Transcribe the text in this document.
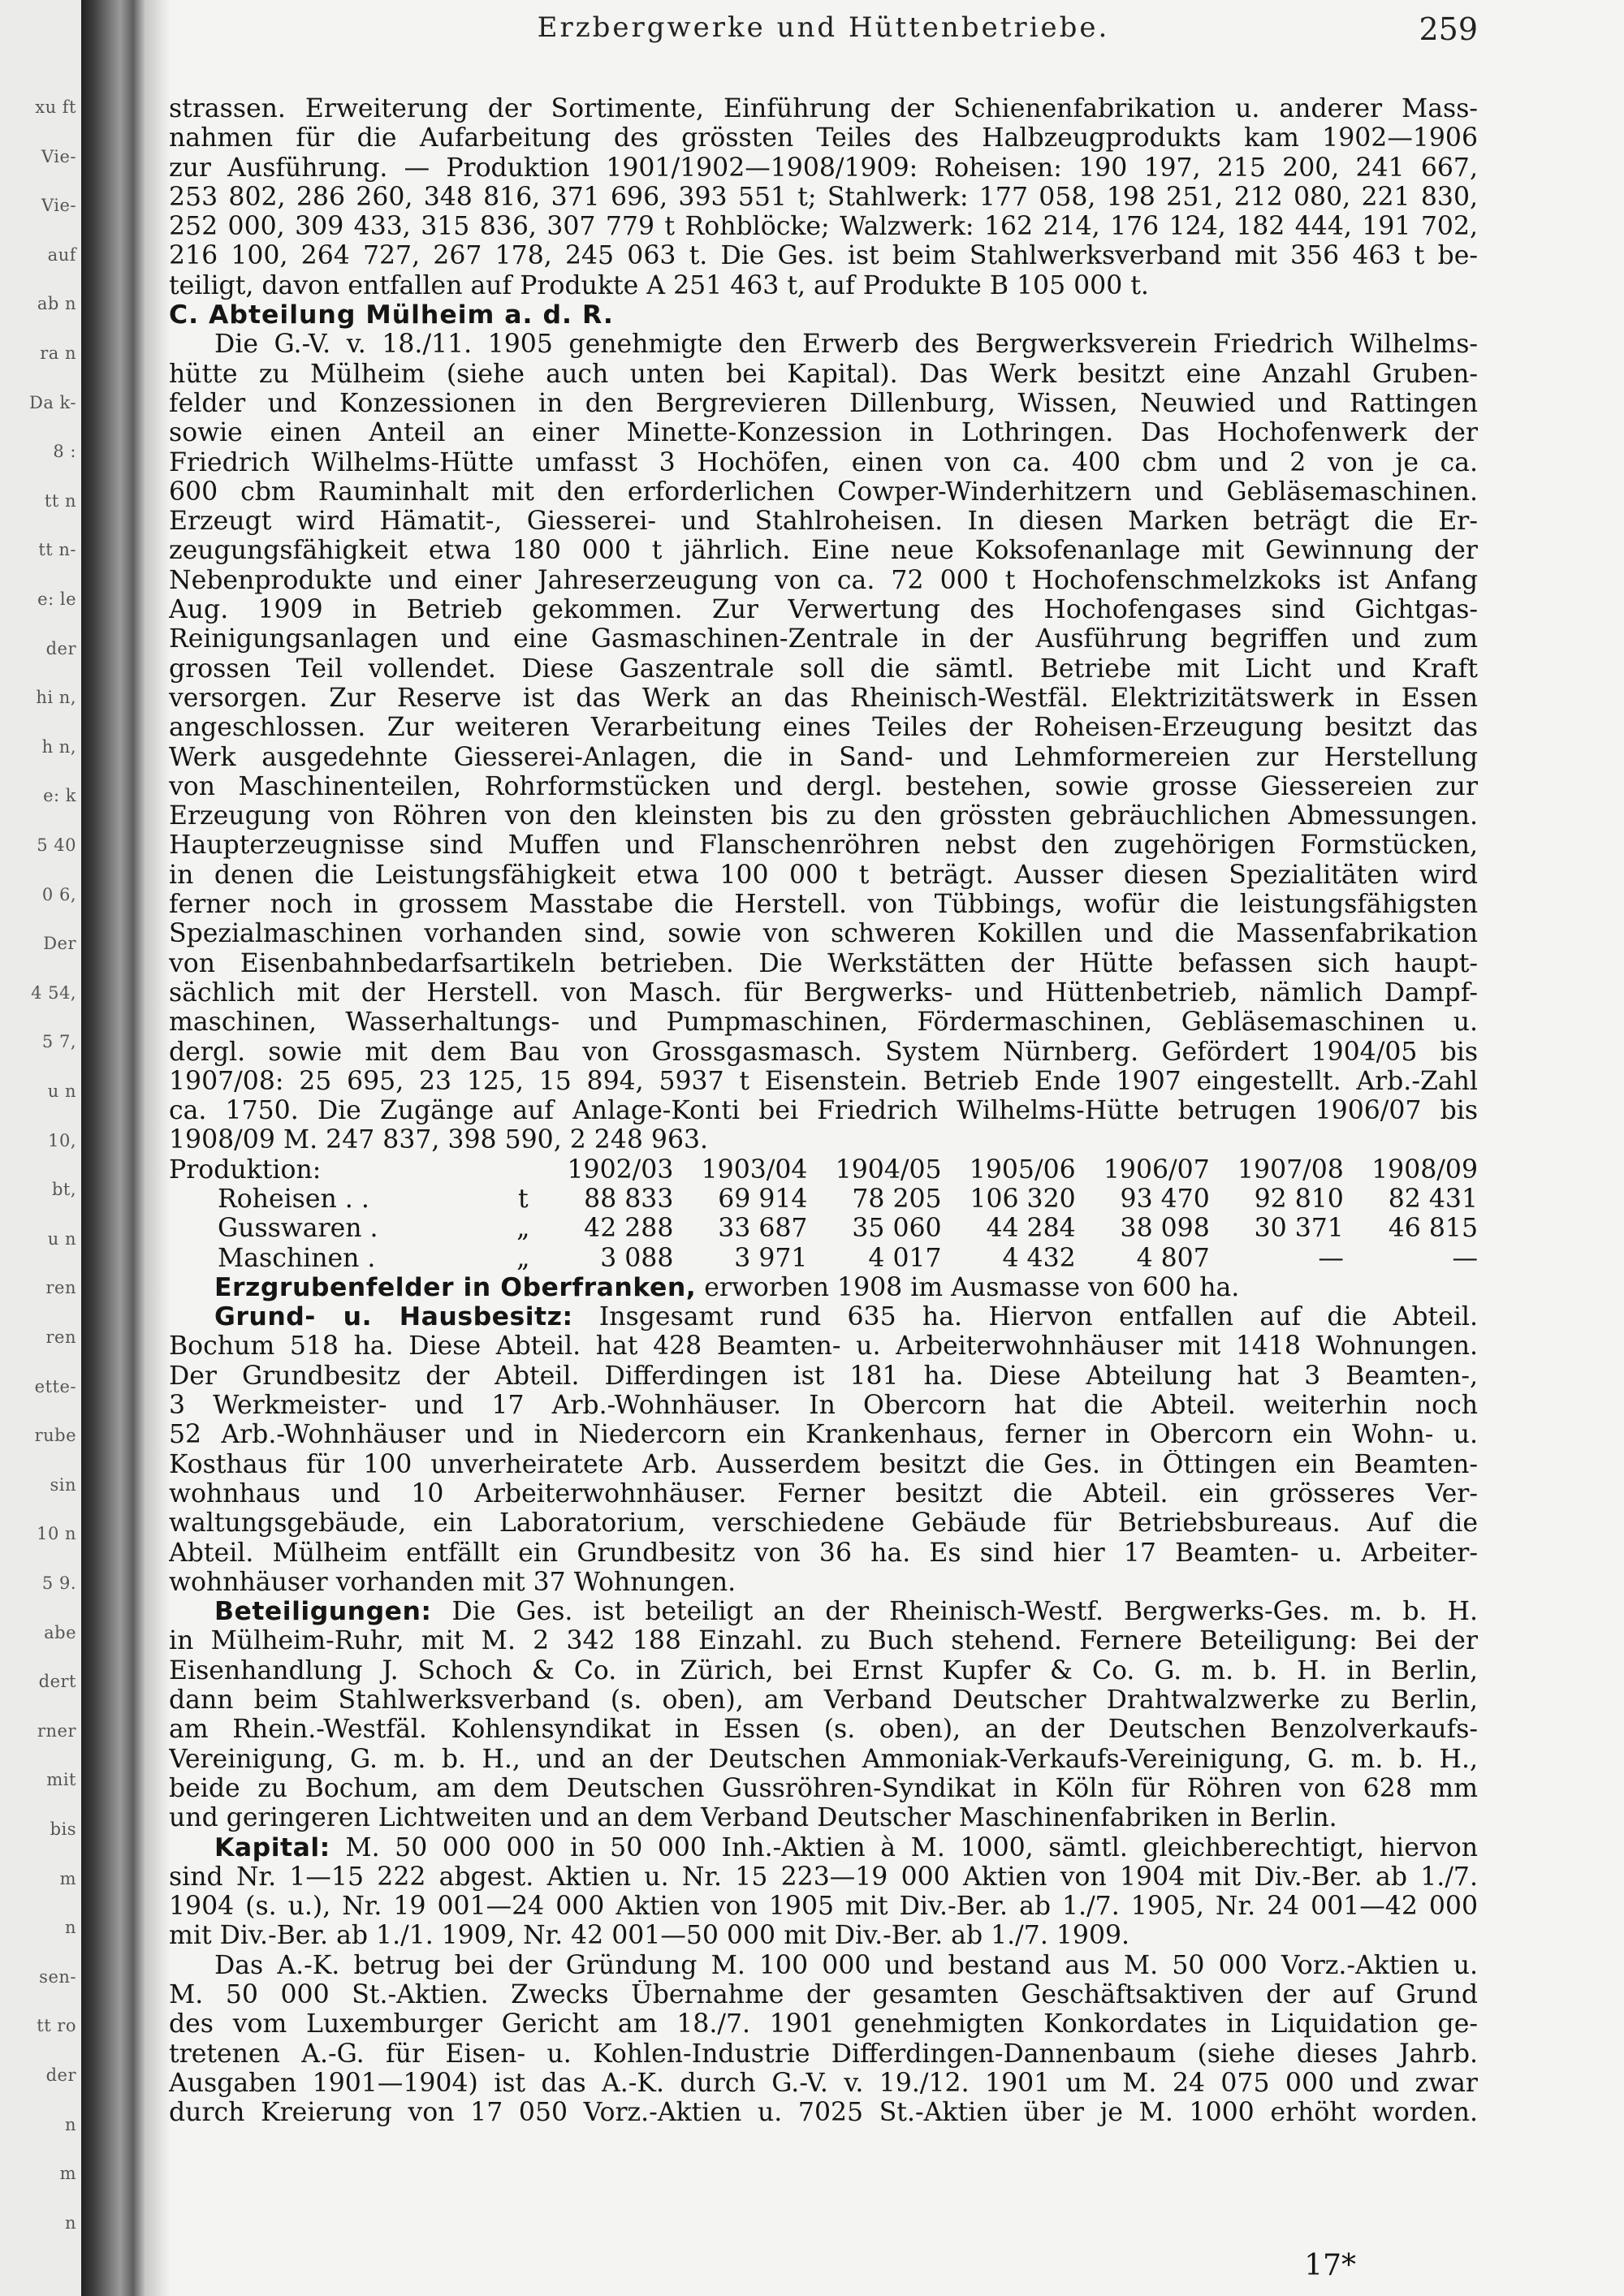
xu ft
Vie-
Vie-
auf
ab n
ra n
Da k-
8 :
tt n
tt n-
e: le
der
hi n,
h n,
e: k
5 40
0 6,
Der
4 54,
5 7,
u n
10,
bt,
u n
ren
ren
ette-
rube
sin
10 n
5 9.
abe
dert
rner
mit
bis
m
n
sen-
tt ro
der
n
m
n
Erzbergwerke und Hüttenbetriebe.	259
strassen. Erweiterung der Sortimente, Einführung der Schienenfabrikation u. anderer Mass-
nahmen für die Aufarbeitung des grössten Teiles des Halbzeugprodukts kam 1902—1906
zur Ausführung. — Produktion 1901/1902—1908/1909: Roheisen: 190 197, 215 200, 241 667,
253 802, 286 260, 348 816, 371 696, 393 551 t; Stahlwerk: 177 058, 198 251, 212 080, 221 830,
252 000, 309 433, 315 836, 307 779 t Rohblöcke; Walzwerk: 162 214, 176 124, 182 444, 191 702,
216 100, 264 727, 267 178, 245 063 t. Die Ges. ist beim Stahlwerksverband mit 356 463 t be-
teiligt, davon entfallen auf Produkte A 251 463 t, auf Produkte B 105 000 t.
C. Abteilung Mülheim a. d. R.
Die G.-V. v. 18./11. 1905 genehmigte den Erwerb des Bergwerksverein Friedrich Wilhelms-
hütte zu Mülheim (siehe auch unten bei Kapital). Das Werk besitzt eine Anzahl Gruben-
felder und Konzessionen in den Bergrevieren Dillenburg, Wissen, Neuwied und Rattingen
sowie einen Anteil an einer Minette-Konzession in Lothringen. Das Hochofenwerk der
Friedrich Wilhelms-Hütte umfasst 3 Hochöfen, einen von ca. 400 cbm und 2 von je ca.
600 cbm Rauminhalt mit den erforderlichen Cowper-Winderhitzern und Gebläsemaschinen.
Erzeugt wird Hämatit-, Giesserei- und Stahlroheisen. In diesen Marken beträgt die Er-
zeugungsfähigkeit etwa 180 000 t jährlich. Eine neue Koksofenanlage mit Gewinnung der
Nebenprodukte und einer Jahreserzeugung von ca. 72 000 t Hochofenschmelzkoks ist Anfang
Aug. 1909 in Betrieb gekommen. Zur Verwertung des Hochofengases sind Gichtgas-
Reinigungsanlagen und eine Gasmaschinen-Zentrale in der Ausführung begriffen und zum
grossen Teil vollendet. Diese Gaszentrale soll die sämtl. Betriebe mit Licht und Kraft
versorgen. Zur Reserve ist das Werk an das Rheinisch-Westfäl. Elektrizitätswerk in Essen
angeschlossen. Zur weiteren Verarbeitung eines Teiles der Roheisen-Erzeugung besitzt das
Werk ausgedehnte Giesserei-Anlagen, die in Sand- und Lehmformereien zur Herstellung
von Maschinenteilen, Rohrformstücken und dergl. bestehen, sowie grosse Giessereien zur
Erzeugung von Röhren von den kleinsten bis zu den grössten gebräuchlichen Abmessungen.
Haupterzeugnisse sind Muffen und Flanschenröhren nebst den zugehörigen Formstücken,
in denen die Leistungsfähigkeit etwa 100 000 t beträgt. Ausser diesen Spezialitäten wird
ferner noch in grossem Masstabe die Herstell. von Tübbings, wofür die leistungsfähigsten
Spezialmaschinen vorhanden sind, sowie von schweren Kokillen und die Massenfabrikation
von Eisenbahnbedarfsartikeln betrieben. Die Werkstätten der Hütte befassen sich haupt-
sächlich mit der Herstell. von Masch. für Bergwerks- und Hüttenbetrieb, nämlich Dampf-
maschinen, Wasserhaltungs- und Pumpmaschinen, Fördermaschinen, Gebläsemaschinen u.
dergl. sowie mit dem Bau von Grossgasmasch. System Nürnberg. Gefördert 1904/05 bis
1907/08: 25 695, 23 125, 15 894, 5937 t Eisenstein. Betrieb Ende 1907 eingestellt. Arb.-Zahl
ca. 1750. Die Zugänge auf Anlage-Konti bei Friedrich Wilhelms-Hütte betrugen 1906/07 bis
1908/09 M. 247 837, 398 590, 2 248 963.
Produktion:		1902/03	1903/04	1904/05	1905/06	1906/07	1907/08	1908/09
Roheisen . .	t	88 833	69 914	78 205	106 320	93 470	92 810	82 431
Gusswaren .	„	42 288	33 687	35 060	44 284	38 098	30 371	46 815
Maschinen .	„	3 088	3 971	4 017	4 432	4 807	—	—
Erzgrubenfelder in Oberfranken, erworben 1908 im Ausmasse von 600 ha.
Grund- u. Hausbesitz: Insgesamt rund 635 ha. Hiervon entfallen auf die Abteil.
Bochum 518 ha. Diese Abteil. hat 428 Beamten- u. Arbeiterwohnhäuser mit 1418 Wohnungen.
Der Grundbesitz der Abteil. Differdingen ist 181 ha. Diese Abteilung hat 3 Beamten-,
3 Werkmeister- und 17 Arb.-Wohnhäuser. In Obercorn hat die Abteil. weiterhin noch
52 Arb.-Wohnhäuser und in Niedercorn ein Krankenhaus, ferner in Obercorn ein Wohn- u.
Kosthaus für 100 unverheiratete Arb. Ausserdem besitzt die Ges. in Öttingen ein Beamten-
wohnhaus und 10 Arbeiterwohnhäuser. Ferner besitzt die Abteil. ein grösseres Ver-
waltungsgebäude, ein Laboratorium, verschiedene Gebäude für Betriebsbureaus. Auf die
Abteil. Mülheim entfällt ein Grundbesitz von 36 ha. Es sind hier 17 Beamten- u. Arbeiter-
wohnhäuser vorhanden mit 37 Wohnungen.
Beteiligungen: Die Ges. ist beteiligt an der Rheinisch-Westf. Bergwerks-Ges. m. b. H.
in Mülheim-Ruhr, mit M. 2 342 188 Einzahl. zu Buch stehend. Fernere Beteiligung: Bei der
Eisenhandlung J. Schoch & Co. in Zürich, bei Ernst Kupfer & Co. G. m. b. H. in Berlin,
dann beim Stahlwerksverband (s. oben), am Verband Deutscher Drahtwalzwerke zu Berlin,
am Rhein.-Westfäl. Kohlensyndikat in Essen (s. oben), an der Deutschen Benzolverkaufs-
Vereinigung, G. m. b. H., und an der Deutschen Ammoniak-Verkaufs-Vereinigung, G. m. b. H.,
beide zu Bochum, am dem Deutschen Gussröhren-Syndikat in Köln für Röhren von 628 mm
und geringeren Lichtweiten und an dem Verband Deutscher Maschinenfabriken in Berlin.
Kapital: M. 50 000 000 in 50 000 Inh.-Aktien à M. 1000, sämtl. gleichberechtigt, hiervon
sind Nr. 1—15 222 abgest. Aktien u. Nr. 15 223—19 000 Aktien von 1904 mit Div.-Ber. ab 1./7.
1904 (s. u.), Nr. 19 001—24 000 Aktien von 1905 mit Div.-Ber. ab 1./7. 1905, Nr. 24 001—42 000
mit Div.-Ber. ab 1./1. 1909, Nr. 42 001—50 000 mit Div.-Ber. ab 1./7. 1909.
Das A.-K. betrug bei der Gründung M. 100 000 und bestand aus M. 50 000 Vorz.-Aktien u.
M. 50 000 St.-Aktien. Zwecks Übernahme der gesamten Geschäftsaktiven der auf Grund
des vom Luxemburger Gericht am 18./7. 1901 genehmigten Konkordates in Liquidation ge-
tretenen A.-G. für Eisen- u. Kohlen-Industrie Differdingen-Dannenbaum (siehe dieses Jahrb.
Ausgaben 1901—1904) ist das A.-K. durch G.-V. v. 19./12. 1901 um M. 24 075 000 und zwar
durch Kreierung von 17 050 Vorz.-Aktien u. 7025 St.-Aktien über je M. 1000 erhöht worden.
17*
